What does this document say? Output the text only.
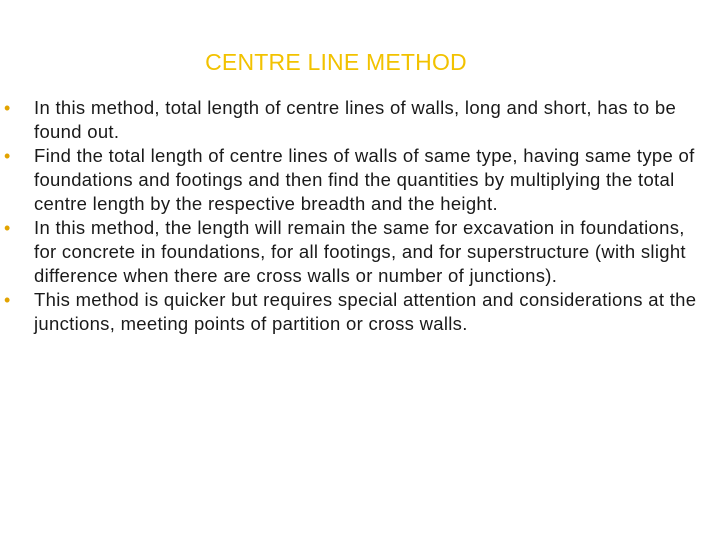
CENTRE LINE METHOD
• In this method, total length of centre lines of walls, long and short, has to be found out.
• Find the total length of centre lines of walls of same type, having same type of foundations and footings and then find the quantities by multiplying the total centre length by the respective breadth and the height.
• In this method, the length will remain the same for excavation in foundations, for concrete in foundations, for all footings, and for superstructure (with slight difference when there are cross walls or number of junctions).
• This method is quicker but requires special attention and considerations at the junctions, meeting points of partition or cross walls.
